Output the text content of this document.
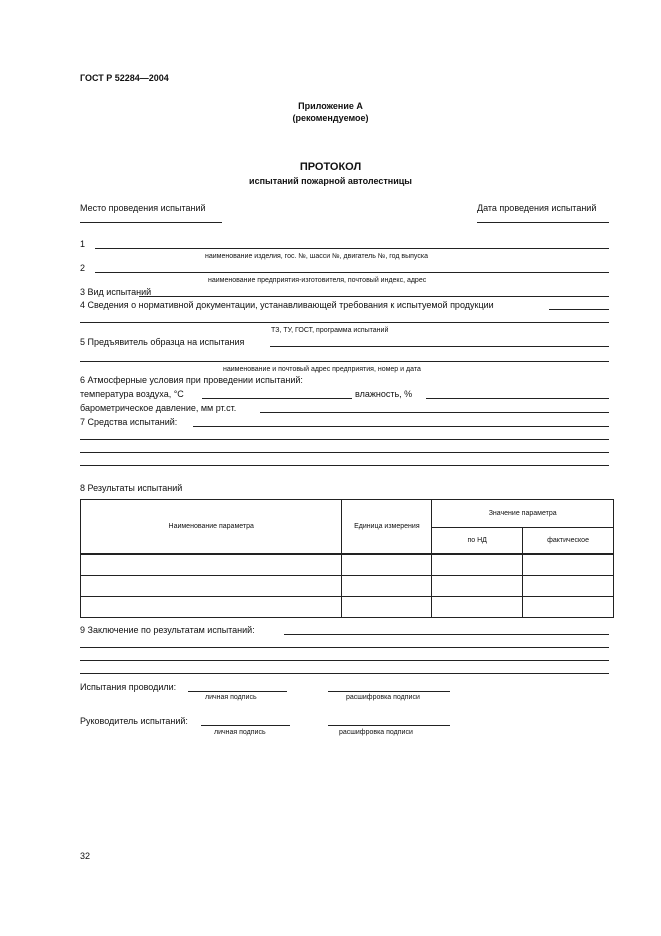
ГОСТ Р 52284—2004
Приложение А
(рекомендуемое)
ПРОТОКОЛ
испытаний пожарной автолестницы
Место проведения испытаний	Дата проведения испытаний
1
наименование изделия, гос. №, шасси №, двигатель №, год выпуска
2
наименование предприятия-изготовителя, почтовый индекс, адрес
3 Вид испытаний
4 Сведения о нормативной документации, устанавливающей требования к испытуемой продукции
ТЗ, ТУ, ГОСТ, программа испытаний
5 Предъявитель образца на испытания
наименование и почтовый адрес предприятия, номер и дата
6 Атмосферные условия при проведении испытаний:
температура воздуха, °С	влажность, %
барометрическое давление, мм рт.ст.
7 Средства испытаний:
8 Результаты испытаний
Наименование параметра	Единица измерения	Значение параметра	
		по НД	фактическое

9 Заключение по результатам испытаний:
Испытания проводили:
личная подпись	расшифровка подписи
Руководитель испытаний:
личная подпись	расшифровка подписи
32
